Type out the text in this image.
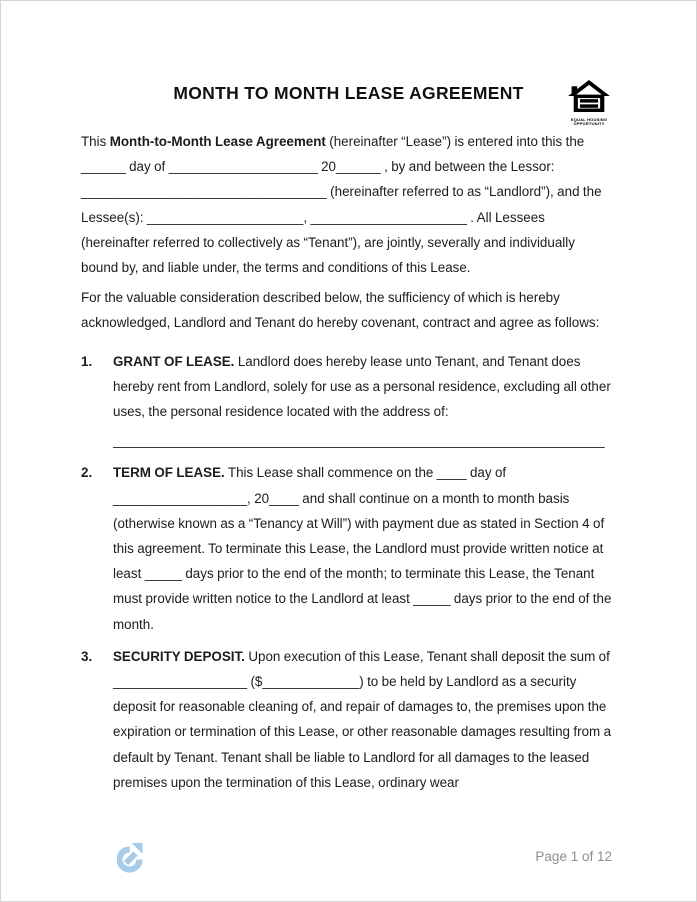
MONTH TO MONTH LEASE AGREEMENT
EQUAL HOUSING
OPPORTUNITY

This Month-to-Month Lease Agreement (hereinafter “Lease”) is entered into this the ______ day of ____________________ 20______ , by and between the Lessor: _________________________________ (hereinafter referred to as “Landlord”), and the Lessee(s): _____________________, _____________________ . All Lessees (hereinafter referred to collectively as “Tenant”), are jointly, severally and individually bound by, and liable under, the terms and conditions of this Lease.

For the valuable consideration described below, the sufficiency of which is hereby acknowledged, Landlord and Tenant do hereby covenant, contract and agree as follows:

1. GRANT OF LEASE. Landlord does hereby lease unto Tenant, and Tenant does hereby rent from Landlord, solely for use as a personal residence, excluding all other uses, the personal residence located with the address of:
__________________________________________________________________
2. TERM OF LEASE. This Lease shall commence on the ____ day of __________________, 20____ and shall continue on a month to month basis (otherwise known as a “Tenancy at Will”) with payment due as stated in Section 4 of this agreement. To terminate this Lease, the Landlord must provide written notice at least _____ days prior to the end of the month; to terminate this Lease, the Tenant must provide written notice to the Landlord at least _____ days prior to the end of the month.
3. SECURITY DEPOSIT. Upon execution of this Lease, Tenant shall deposit the sum of __________________ ($_____________) to be held by Landlord as a security deposit for reasonable cleaning of, and repair of damages to, the premises upon the expiration or termination of this Lease, or other reasonable damages resulting from a default by Tenant. Tenant shall be liable to Landlord for all damages to the leased premises upon the termination of this Lease, ordinary wear
Page 1 of 12
